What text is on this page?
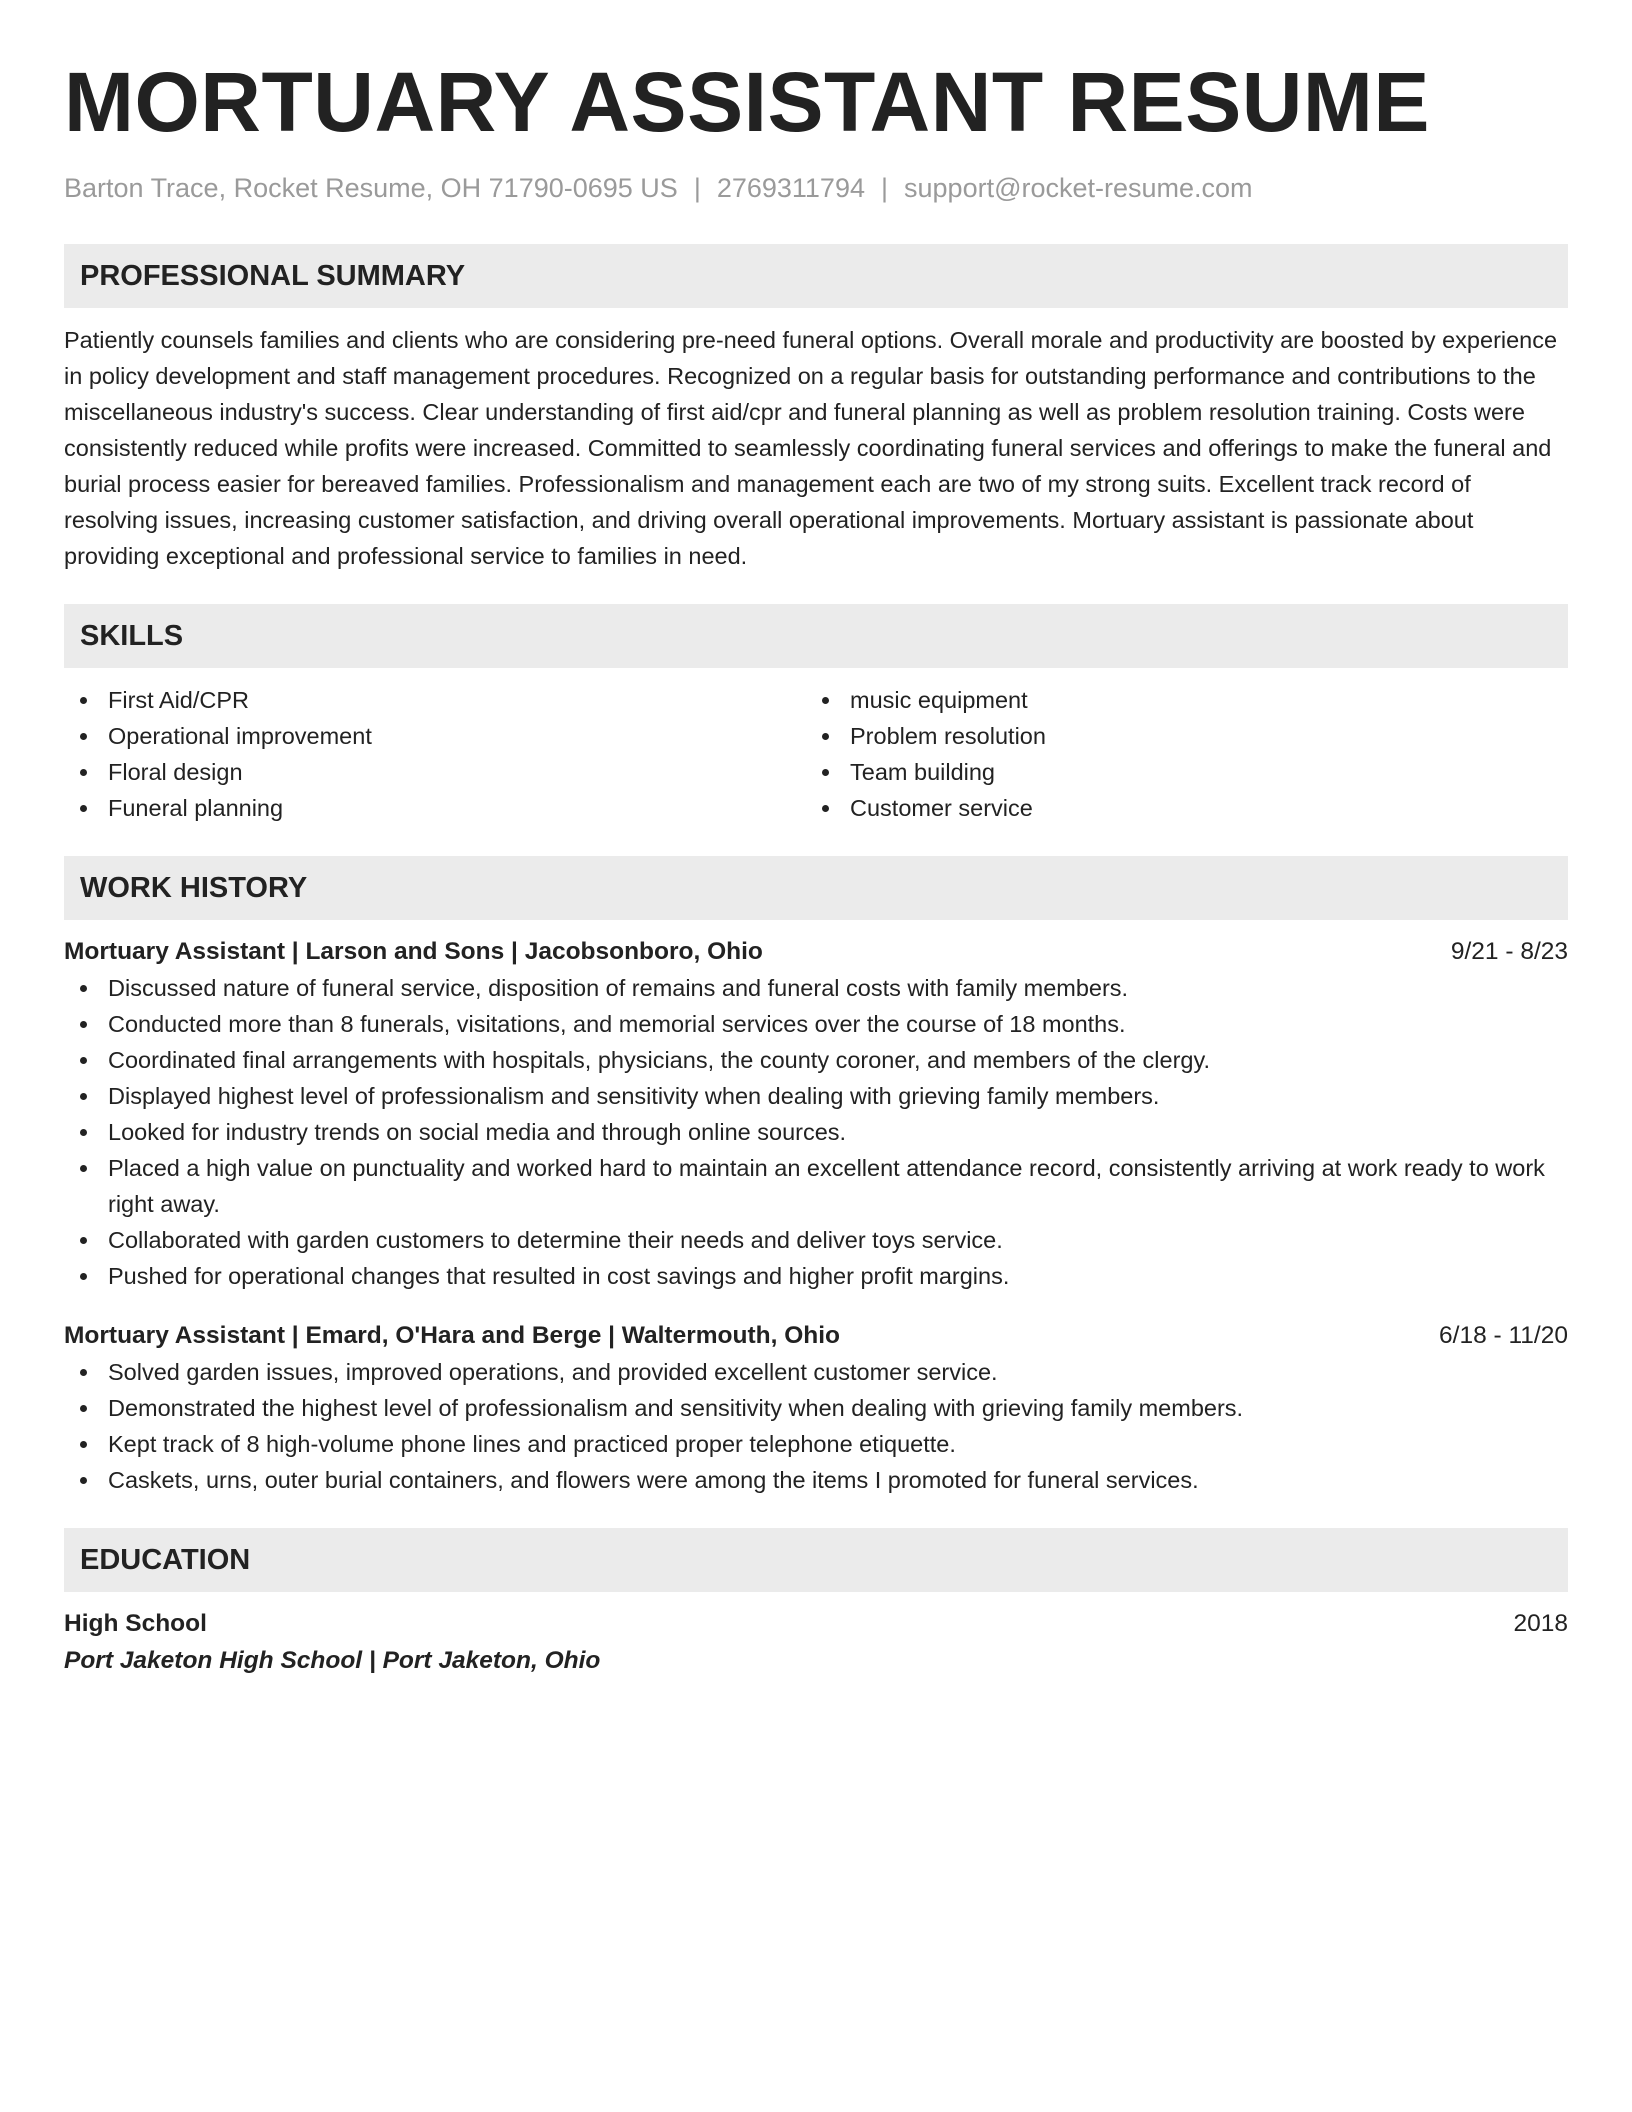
MORTUARY ASSISTANT RESUME
Barton Trace, Rocket Resume, OH 71790-0695 US | 2769311794 | support@rocket-resume.com
PROFESSIONAL SUMMARY
Patiently counsels families and clients who are considering pre-need funeral options. Overall morale and productivity are boosted by experience in policy development and staff management procedures. Recognized on a regular basis for outstanding performance and contributions to the miscellaneous industry's success. Clear understanding of first aid/cpr and funeral planning as well as problem resolution training. Costs were consistently reduced while profits were increased. Committed to seamlessly coordinating funeral services and offerings to make the funeral and burial process easier for bereaved families. Professionalism and management each are two of my strong suits. Excellent track record of resolving issues, increasing customer satisfaction, and driving overall operational improvements. Mortuary assistant is passionate about providing exceptional and professional service to families in need.
SKILLS
First Aid/CPR
Operational improvement
Floral design
Funeral planning
music equipment
Problem resolution
Team building
Customer service
WORK HISTORY
Mortuary Assistant | Larson and Sons | Jacobsonboro, Ohio	9/21 - 8/23
Discussed nature of funeral service, disposition of remains and funeral costs with family members.
Conducted more than 8 funerals, visitations, and memorial services over the course of 18 months.
Coordinated final arrangements with hospitals, physicians, the county coroner, and members of the clergy.
Displayed highest level of professionalism and sensitivity when dealing with grieving family members.
Looked for industry trends on social media and through online sources.
Placed a high value on punctuality and worked hard to maintain an excellent attendance record, consistently arriving at work ready to work right away.
Collaborated with garden customers to determine their needs and deliver toys service.
Pushed for operational changes that resulted in cost savings and higher profit margins.
Mortuary Assistant | Emard, O'Hara and Berge | Waltermouth, Ohio	6/18 - 11/20
Solved garden issues, improved operations, and provided excellent customer service.
Demonstrated the highest level of professionalism and sensitivity when dealing with grieving family members.
Kept track of 8 high-volume phone lines and practiced proper telephone etiquette.
Caskets, urns, outer burial containers, and flowers were among the items I promoted for funeral services.
EDUCATION
High School	2018
Port Jaketon High School | Port Jaketon, Ohio
